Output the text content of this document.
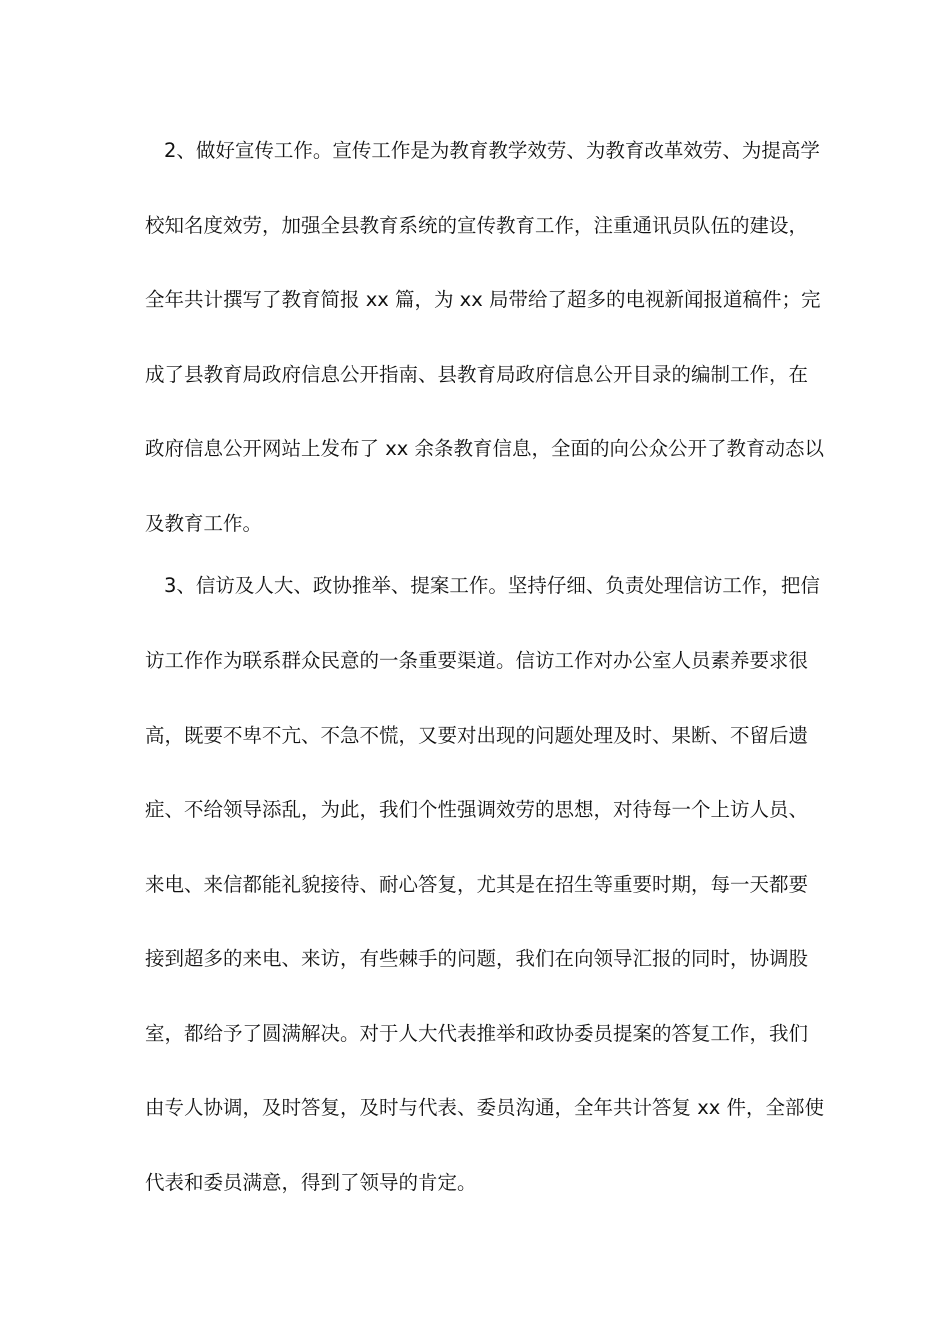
2、做好宣传工作。宣传工作是为教育教学效劳、为教育改革效劳、为提高学
校知名度效劳，加强全县教育系统的宣传教育工作，注重通讯员队伍的建设，
全年共计撰写了教育简报 xx 篇，为 xx 局带给了超多的电视新闻报道稿件；完
成了县教育局政府信息公开指南、县教育局政府信息公开目录的编制工作，在
政府信息公开网站上发布了 xx 余条教育信息，全面的向公众公开了教育动态以
及教育工作。
3、信访及人大、政协推举、提案工作。坚持仔细、负责处理信访工作，把信
访工作作为联系群众民意的一条重要渠道。信访工作对办公室人员素养要求很
高，既要不卑不亢、不急不慌，又要对出现的问题处理及时、果断、不留后遗
症、不给领导添乱，为此，我们个性强调效劳的思想，对待每一个上访人员、
来电、来信都能礼貌接待、耐心答复，尤其是在招生等重要时期，每一天都要
接到超多的来电、来访，有些棘手的问题，我们在向领导汇报的同时，协调股
室，都给予了圆满解决。对于人大代表推举和政协委员提案的答复工作，我们
由专人协调，及时答复，及时与代表、委员沟通，全年共计答复 xx 件，全部使
代表和委员满意，得到了领导的肯定。
